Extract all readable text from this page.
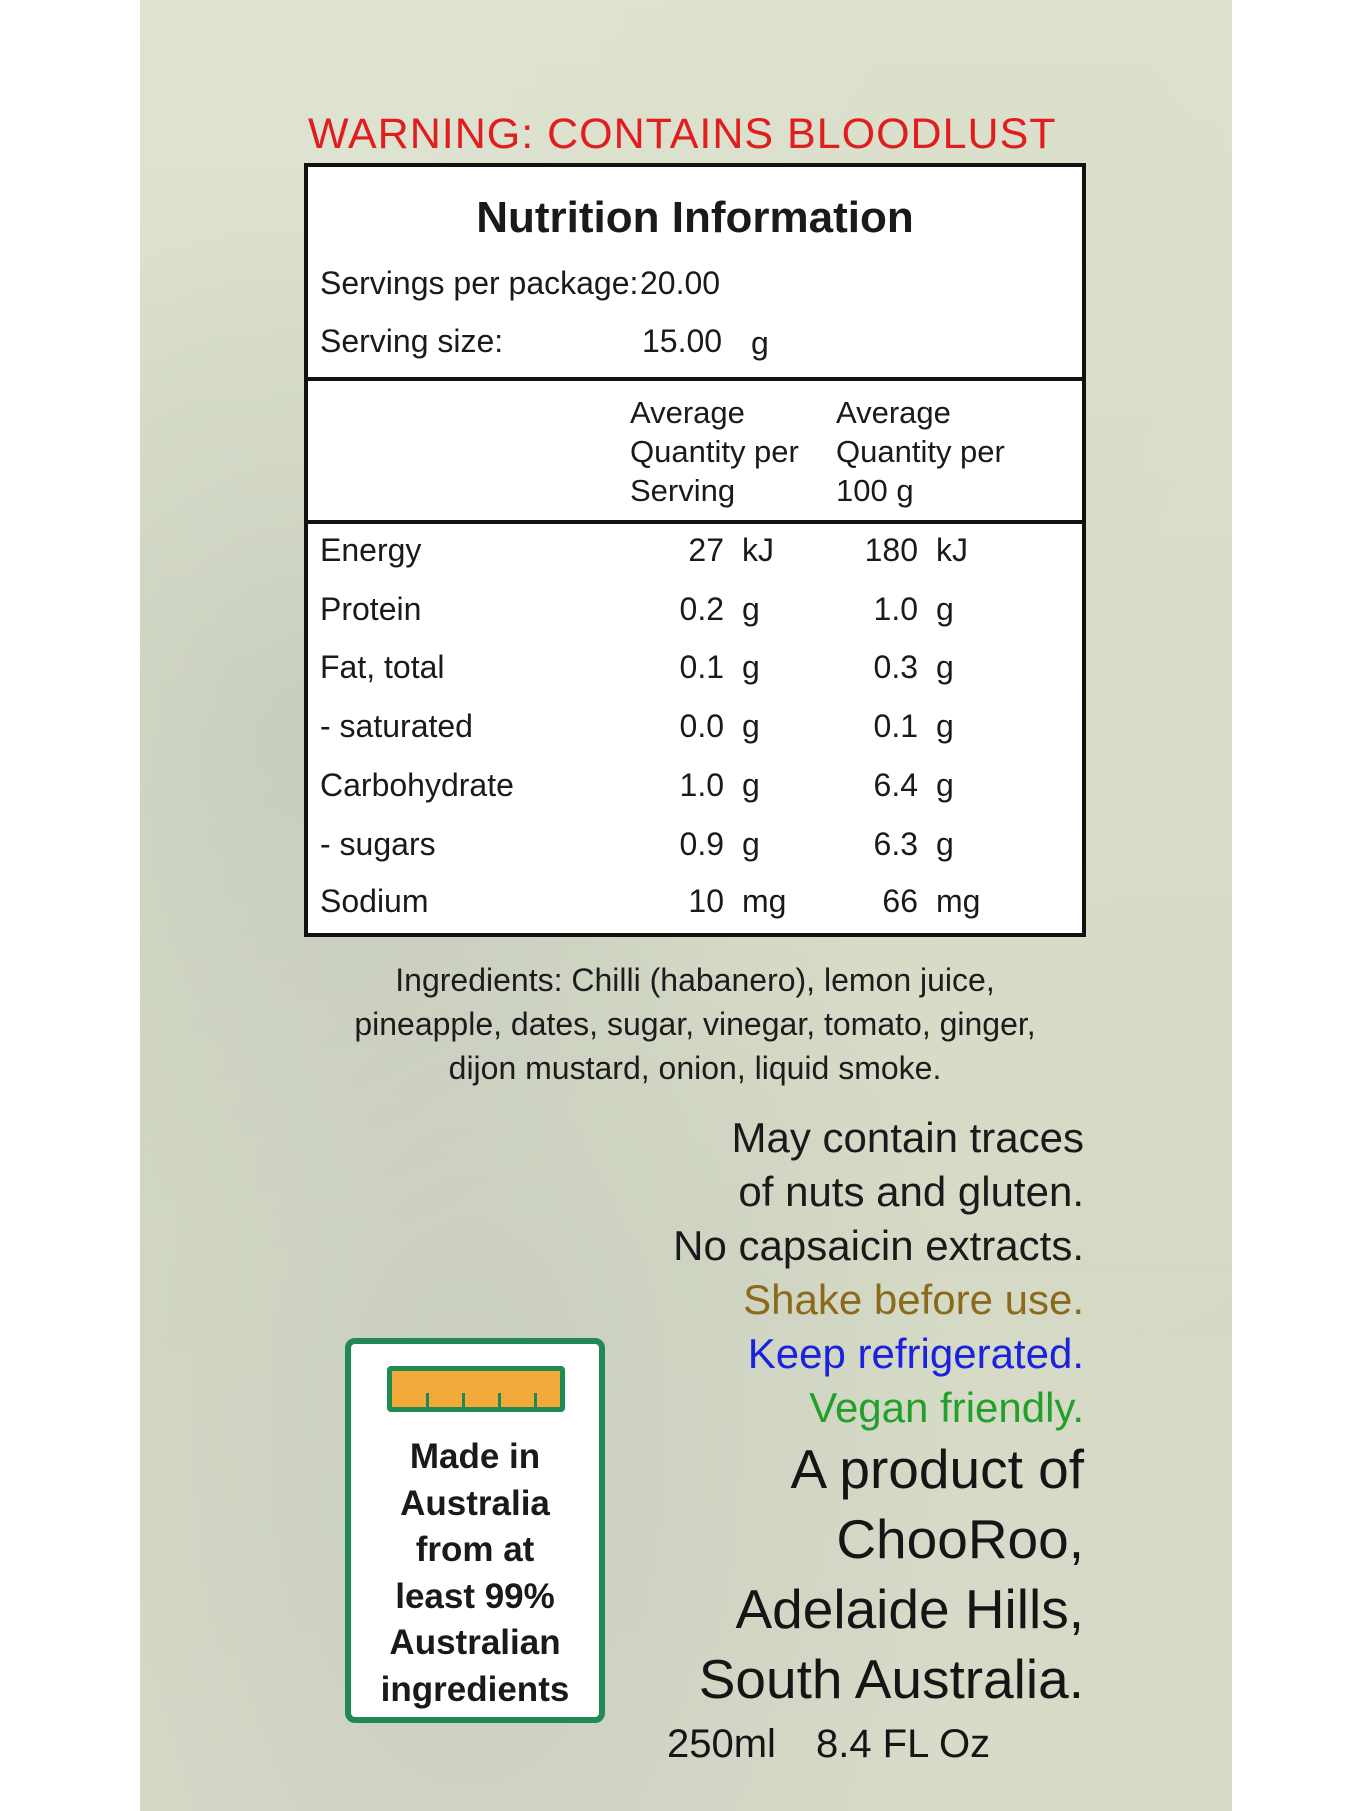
WARNING: CONTAINS BLOODLUST
Nutrition Information
Servings per package: 20.00
Serving size:	15.00 g
Average
Quantity per
Serving
Average
Quantity per
100 g
Energy	27 kJ	180 kJ
Protein	0.2 g	1.0 g
Fat, total	0.1 g	0.3 g
- saturated	0.0 g	0.1 g
Carbohydrate	1.0 g	6.4 g
- sugars	0.9 g	6.3 g
Sodium	10 mg	66 mg
Ingredients: Chilli (habanero), lemon juice,
pineapple, dates, sugar, vinegar, tomato, ginger,
dijon mustard, onion, liquid smoke.
May contain traces
of nuts and gluten.
No capsaicin extracts.
Shake before use.
Keep refrigerated.
Vegan friendly.
A product of
ChooRoo,
Adelaide Hills,
South Australia.
250ml 8.4 FL Oz
Made in
Australia
from at
least 99%
Australian
ingredients
